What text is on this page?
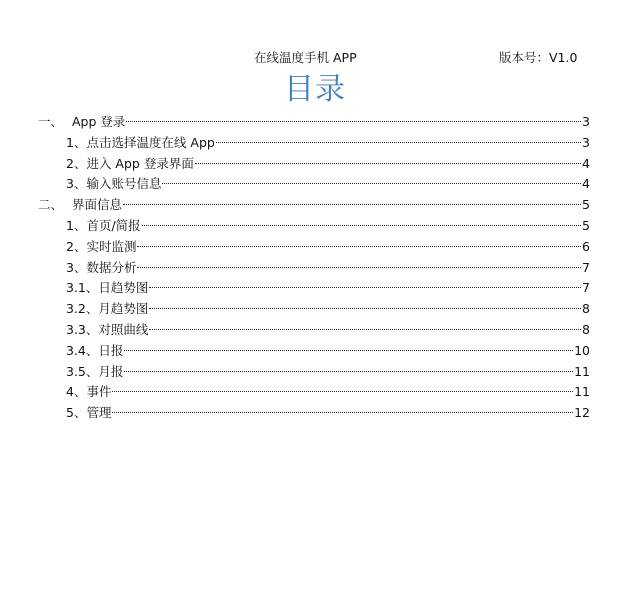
在线温度手机 APP	版本号：V1.0
目录
一、 App 登录	3
1、点击选择温度在线 App	3
2、进入 App 登录界面	4
3、输入账号信息	4
二、 界面信息	5
1、首页/简报	5
2、实时监测	6
3、数据分析	7
3.1、日趋势图	7
3.2、月趋势图	8
3.3、对照曲线	8
3.4、日报	10
3.5、月报	11
4、事件	11
5、管理	12
